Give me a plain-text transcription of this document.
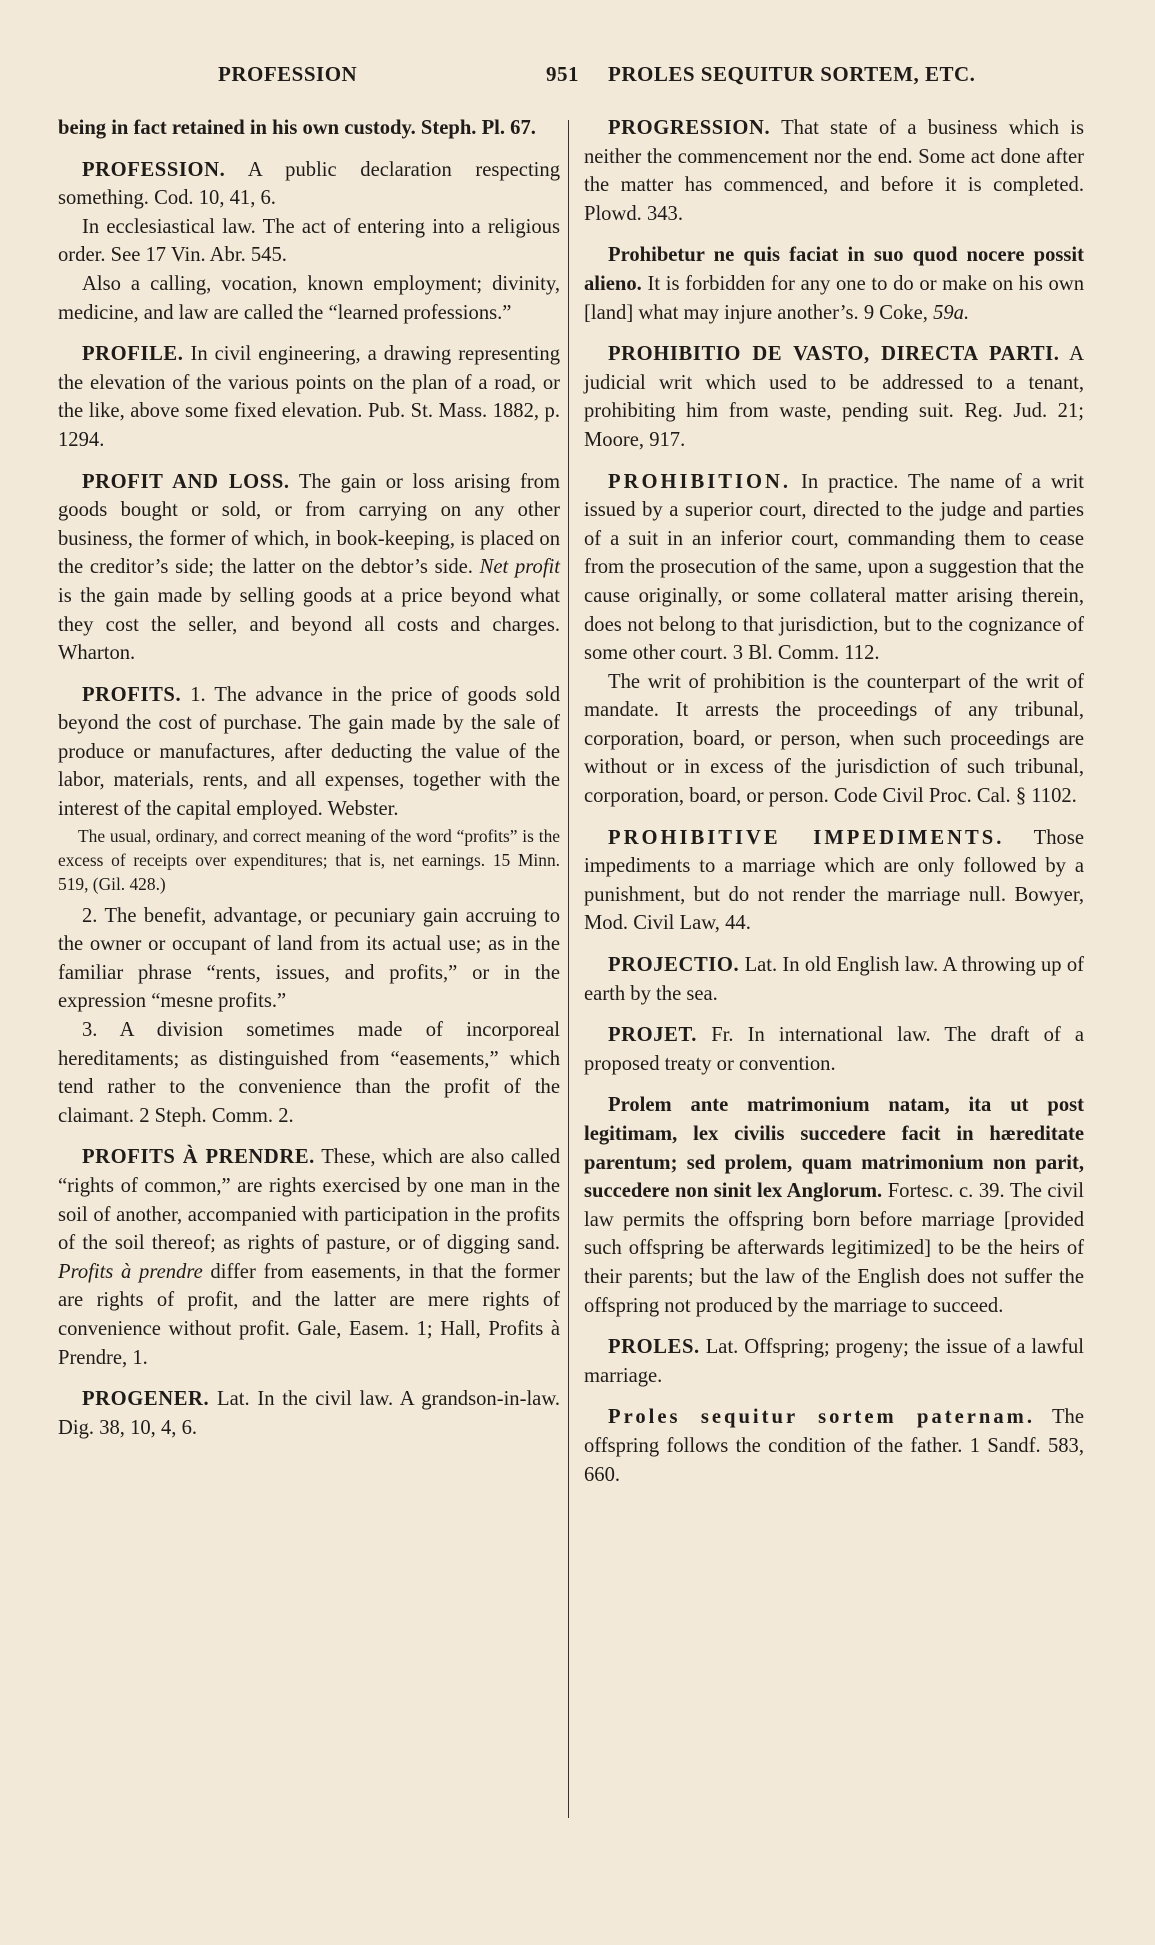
PROFESSION	951 PROLES SEQUITUR SORTEM, ETC.

being in fact retained in his own custody. Steph. Pl. 67.

PROFESSION. A public declaration respecting something. Cod. 10, 41, 6.

In ecclesiastical law. The act of entering into a religious order. See 17 Vin. Abr. 545.

Also a calling, vocation, known employment; divinity, medicine, and law are called the “learned professions.”

PROFILE. In civil engineering, a drawing representing the elevation of the various points on the plan of a road, or the like, above some fixed elevation. Pub. St. Mass. 1882, p. 1294.

PROFIT AND LOSS. The gain or loss arising from goods bought or sold, or from carrying on any other business, the former of which, in book-keeping, is placed on the creditor’s side; the latter on the debtor’s side. Net profit is the gain made by selling goods at a price beyond what they cost the seller, and beyond all costs and charges. Wharton.

PROFITS. 1. The advance in the price of goods sold beyond the cost of purchase. The gain made by the sale of produce or manufactures, after deducting the value of the labor, materials, rents, and all expenses, together with the interest of the capital employed. Webster.

The usual, ordinary, and correct meaning of the word “profits” is the excess of receipts over expenditures; that is, net earnings. 15 Minn. 519, (Gil. 428.)

2. The benefit, advantage, or pecuniary gain accruing to the owner or occupant of land from its actual use; as in the familiar phrase “rents, issues, and profits,” or in the expression “mesne profits.”

3. A division sometimes made of incorporeal hereditaments; as distinguished from “easements,” which tend rather to the convenience than the profit of the claimant. 2 Steph. Comm. 2.

PROFITS À PRENDRE. These, which are also called “rights of common,” are rights exercised by one man in the soil of another, accompanied with participation in the profits of the soil thereof; as rights of pasture, or of digging sand. Profits à prendre differ from easements, in that the former are rights of profit, and the latter are mere rights of convenience without profit. Gale, Easem. 1; Hall, Profits à Prendre, 1.

PROGENER. Lat. In the civil law. A grandson-in-law. Dig. 38, 10, 4, 6.

PROGRESSION. That state of a business which is neither the commencement nor the end. Some act done after the matter has commenced, and before it is completed. Plowd. 343.

Prohibetur ne quis faciat in suo quod nocere possit alieno. It is forbidden for any one to do or make on his own [land] what may injure another’s. 9 Coke, 59a.

PROHIBITIO DE VASTO, DIRECTA PARTI. A judicial writ which used to be addressed to a tenant, prohibiting him from waste, pending suit. Reg. Jud. 21; Moore, 917.

PROHIBITION. In practice. The name of a writ issued by a superior court, directed to the judge and parties of a suit in an inferior court, commanding them to cease from the prosecution of the same, upon a suggestion that the cause originally, or some collateral matter arising therein, does not belong to that jurisdiction, but to the cognizance of some other court. 3 Bl. Comm. 112.

The writ of prohibition is the counterpart of the writ of mandate. It arrests the proceedings of any tribunal, corporation, board, or person, when such proceedings are without or in excess of the jurisdiction of such tribunal, corporation, board, or person. Code Civil Proc. Cal. § 1102.

PROHIBITIVE IMPEDIMENTS. Those impediments to a marriage which are only followed by a punishment, but do not render the marriage null. Bowyer, Mod. Civil Law, 44.

PROJECTIO. Lat. In old English law. A throwing up of earth by the sea.

PROJET. Fr. In international law. The draft of a proposed treaty or convention.

Prolem ante matrimonium natam, ita ut post legitimam, lex civilis succedere facit in hæreditate parentum; sed prolem, quam matrimonium non parit, succedere non sinit lex Anglorum. Fortesc. c. 39. The civil law permits the offspring born before marriage [provided such offspring be afterwards legitimized] to be the heirs of their parents; but the law of the English does not suffer the offspring not produced by the marriage to succeed.

PROLES. Lat. Offspring; progeny; the issue of a lawful marriage.

Proles sequitur sortem paternam. The offspring follows the condition of the father. 1 Sandf. 583, 660.
